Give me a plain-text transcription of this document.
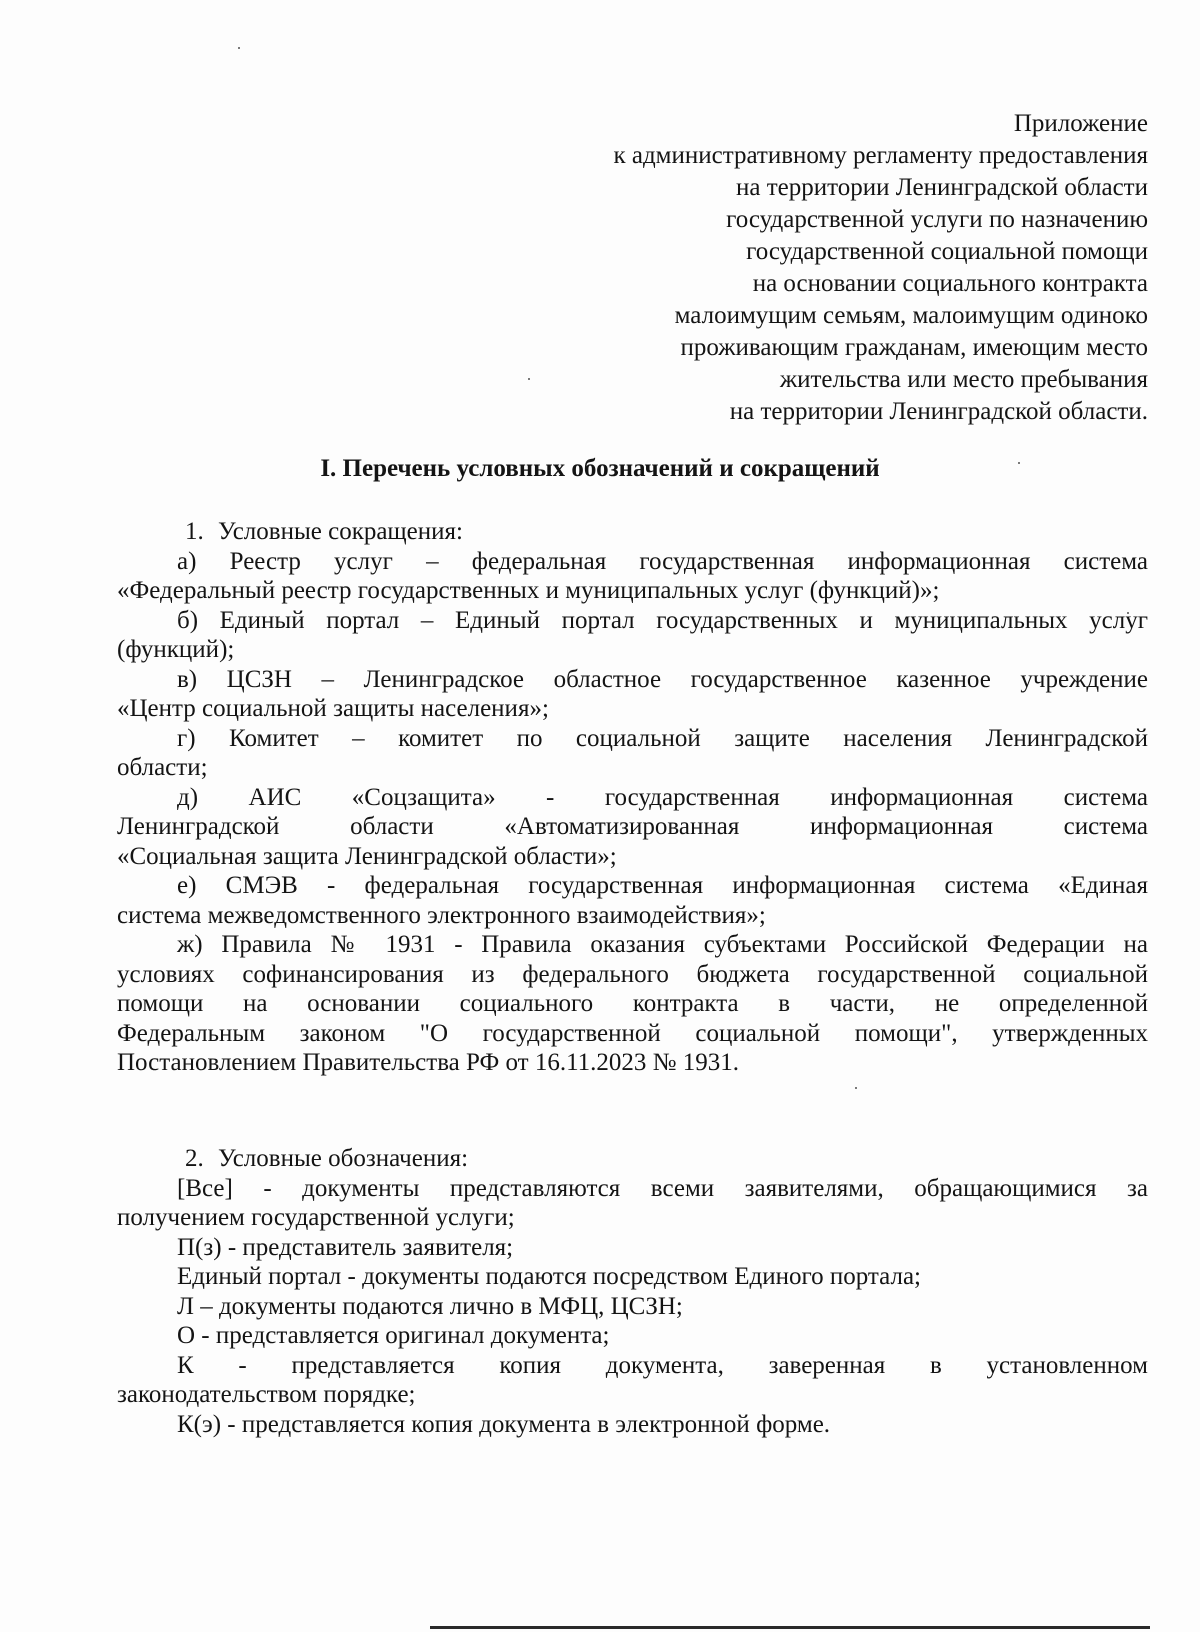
Приложение
к административному регламенту предоставления
на территории Ленинградской области
государственной услуги по назначению
государственной социальной помощи
на основании социального контракта
малоимущим семьям, малоимущим одиноко
проживающим гражданам, имеющим место
жительства или место пребывания
на территории Ленинградской области.
I. Перечень условных обозначений и сокращений
1. Условные сокращения:
а) Реестр услуг – федеральная государственная информационная система
«Федеральный реестр государственных и муниципальных услуг (функций)»;
б) Единый портал – Единый портал государственных и муниципальных услуг
(функций);
в) ЦСЗН – Ленинградское областное государственное казенное учреждение
«Центр социальной защиты населения»;
г) Комитет – комитет по социальной защите населения Ленинградской
области;
д) АИС «Соцзащита» - государственная информационная система
Ленинградской	области	«Автоматизированная	информационная	система
«Социальная защита Ленинградской области»;
е) СМЭВ - федеральная государственная информационная система «Единая
система межведомственного электронного взаимодействия»;
ж) Правила № 1931 - Правила оказания субъектами Российской Федерации на
условиях софинансирования из федерального бюджета государственной социальной
помощи на основании социального контракта в части, не определенной
Федеральным законом "О государственной социальной помощи", утвержденных
Постановлением Правительства РФ от 16.11.2023 № 1931.
2. Условные обозначения:
[Все] - документы представляются всеми заявителями, обращающимися за
получением государственной услуги;
П(з) - представитель заявителя;
Единый портал - документы подаются посредством Единого портала;
Л – документы подаются лично в МФЦ, ЦСЗН;
О - представляется оригинал документа;
К - представляется копия документа, заверенная в установленном
законодательством порядке;
К(э) - представляется копия документа в электронной форме.
